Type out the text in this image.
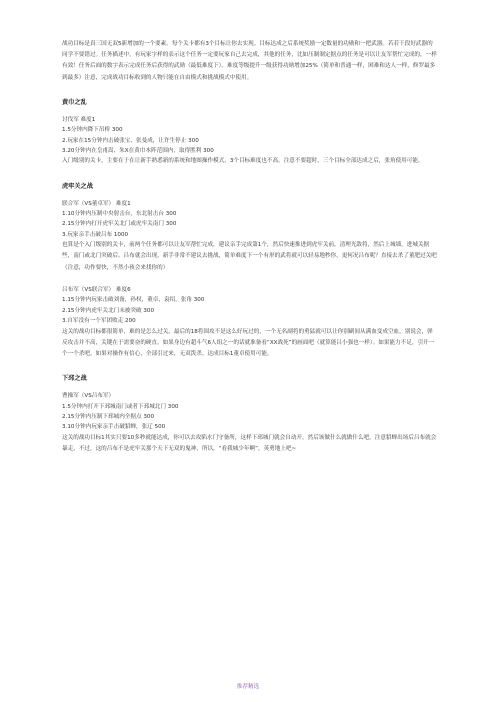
战功目标是真三国无双5新增加的一个要素。每个关卡都有3个目标让你去实现。目标达成之后系统奖励一定数量的功勋和一把武器。若若干段好武器的同学不要错过。任务描述中，有玩家字样的表示这个任务一定要玩家自己去完成，其他的任务，比如压制制定据点的任务是可以让友军帮忙完成的，一样有效！任务后面的数字表示完成任务后获得的武勋（最低难度下）。难度等级提升一级获得功勋增加25%（简单和普通一样，困难和达人一样，修罗最多到最多）注意，完成战功目标收到的人物只能在自由模式和挑战模式中使用。

黄巾之乱

讨伐军 难度1

1.5分钟内降下吊桥 300

2.玩家在15分钟内击破张宝、张曼成，让许生停止 300

3.20分钟内在皇甫嵩、朱X在黄巾本阵范围内，取得胜利 300

入门级别的关卡，主要在于在让新手熟悉新的系统和地图操作模式，3个目标难度也不高。注意不要超时，三个目标全部达成之后，张角使用可能。

虎牢关之战

联合军（VS董卓军） 难度1

1.10分钟内压制中央射击台，东北射击台 300

2.15分钟内打开虎牢关北门或虎牢关南门 300

3.玩家亲手击破吕布 1000

也算是个入门级别的关卡，前两个任务都可以让友军帮忙完成，建议亲手完成第1个，然后快速推进到虎牢关前，清理光敌将，然后上城墙，进城关据些，南门或北门突破后。吕布就会出现，新手非常不建议去挑战，简单难度下一个有形的武将就可以轻易地秒你，更何况吕布呢？直接去杀了董肥过关吧（注意，功作要快，不然小孩会来找你的）

吕布军（VS联合军） 难度6

1.15分钟内玩家击破刘备，孙权，董卓，袁绍，张角 300

2.15分钟内虎牢关北门未被突破 300

3.自军没有一个军团败走 200

这关的战功目标都很简单，难的是怎么过关，最后的18将围攻不是这么好玩过的，一个无名副将的勇猛就可以让你别刷间从满血变成空血，别说会，弹反攻击并不高，关键在于需要奋的硬直。如果身边有超斗气6人组之一的话就准备看“XX战死”的画面吧（就算能吕小强也一样）。如果能力不足，引开一个一个杀吧。如果对操作有信心，全部引过来，无双泼杀。达成目标1董卓使用可能。

下邳之战

曹操军（VS吕布军）

1.5分钟内打开下邳城南门或者下邳城北门 300

2.15分钟内压制下邳城内全据点 300

3.10分钟内玩家亲手击破貂蝉，张辽 500

这关的战功目标1其实只要10多秒就能达成，你可以去攻陷水门守备所，这样下邳城门就会自动开。然后该做什么就做什么吧，注意貂蝉出场后吕布就会暴走，不过，这的吕布不是虎牢关那个天下无双的鬼神，所以，“看我城少年啊”，英勇地上吧~

推荐精选
